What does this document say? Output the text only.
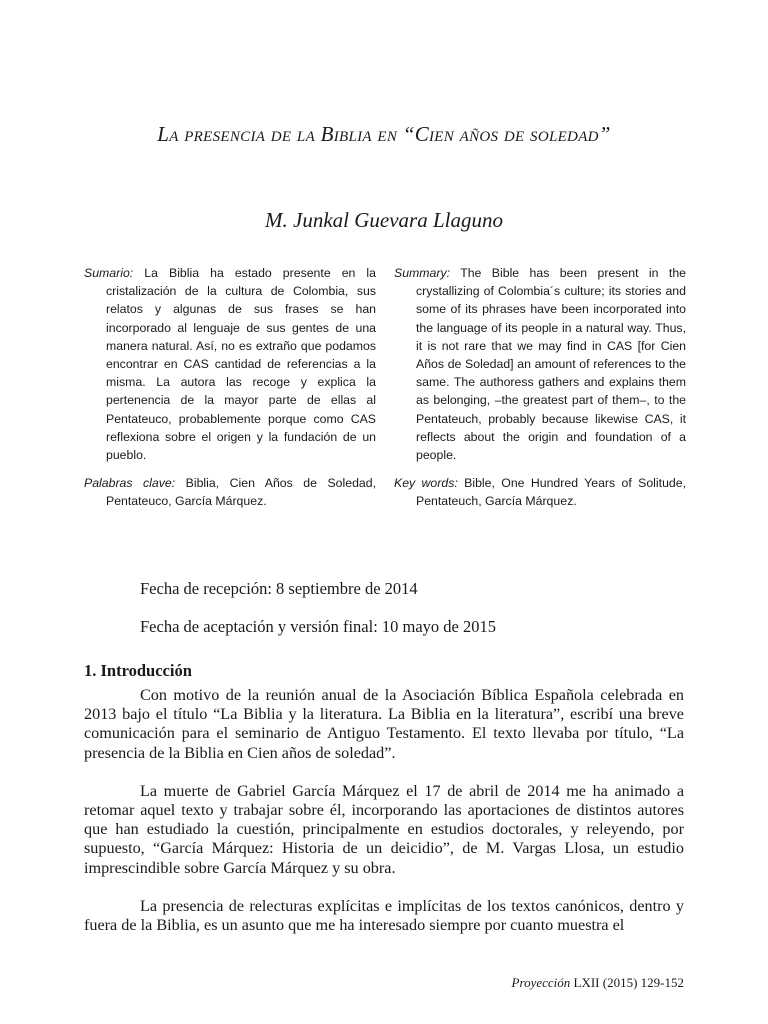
La presencia de la Biblia en “Cien años de soledad”
M. Junkal Guevara Llaguno

Sumario: La Biblia ha estado presente en la cristalización de la cultura de Colombia, sus relatos y algunas de sus frases se han incorporado al lenguaje de sus gentes de una manera natural. Así, no es extraño que podamos encontrar en CAS cantidad de referencias a la misma. La autora las recoge y explica la pertenencia de la mayor parte de ellas al Pentateuco, probablemente porque como CAS reflexiona sobre el origen y la fundación de un pueblo.

Palabras clave: Biblia, Cien Años de Soledad, Pentateuco, García Márquez.

Summary: The Bible has been present in the crystallizing of Colombia´s culture; its stories and some of its phrases have been incorporated into the language of its people in a natural way. Thus, it is not rare that we may find in CAS [for Cien Años de Soledad] an amount of references to the same. The authoress gathers and explains them as belonging, –the greatest part of them–, to the Pentateuch, probably because likewise CAS, it reflects about the origin and foundation of a people.

Key words: Bible, One Hundred Years of Solitude, Pentateuch, García Márquez.

Fecha de recepción: 8 septiembre de 2014
Fecha de aceptación y versión final: 10 mayo de 2015
1. Introducción

Con motivo de la reunión anual de la Asociación Bíblica Española celebrada en 2013 bajo el título “La Biblia y la literatura. La Biblia en la literatura”, escribí una breve comunicación para el seminario de Antiguo Testamento. El texto llevaba por título, “La presencia de la Biblia en Cien años de soledad”.

La muerte de Gabriel García Márquez el 17 de abril de 2014 me ha animado a retomar aquel texto y trabajar sobre él, incorporando las aportaciones de distintos autores que han estudiado la cuestión, principalmente en estudios doctorales, y releyendo, por supuesto, “García Márquez: Historia de un deicidio”, de M. Vargas Llosa, un estudio imprescindible sobre García Márquez y su obra.

La presencia de relecturas explícitas e implícitas de los textos canónicos, dentro y fuera de la Biblia, es un asunto que me ha interesado siempre por cuanto muestra el

Proyección LXII (2015) 129-152
